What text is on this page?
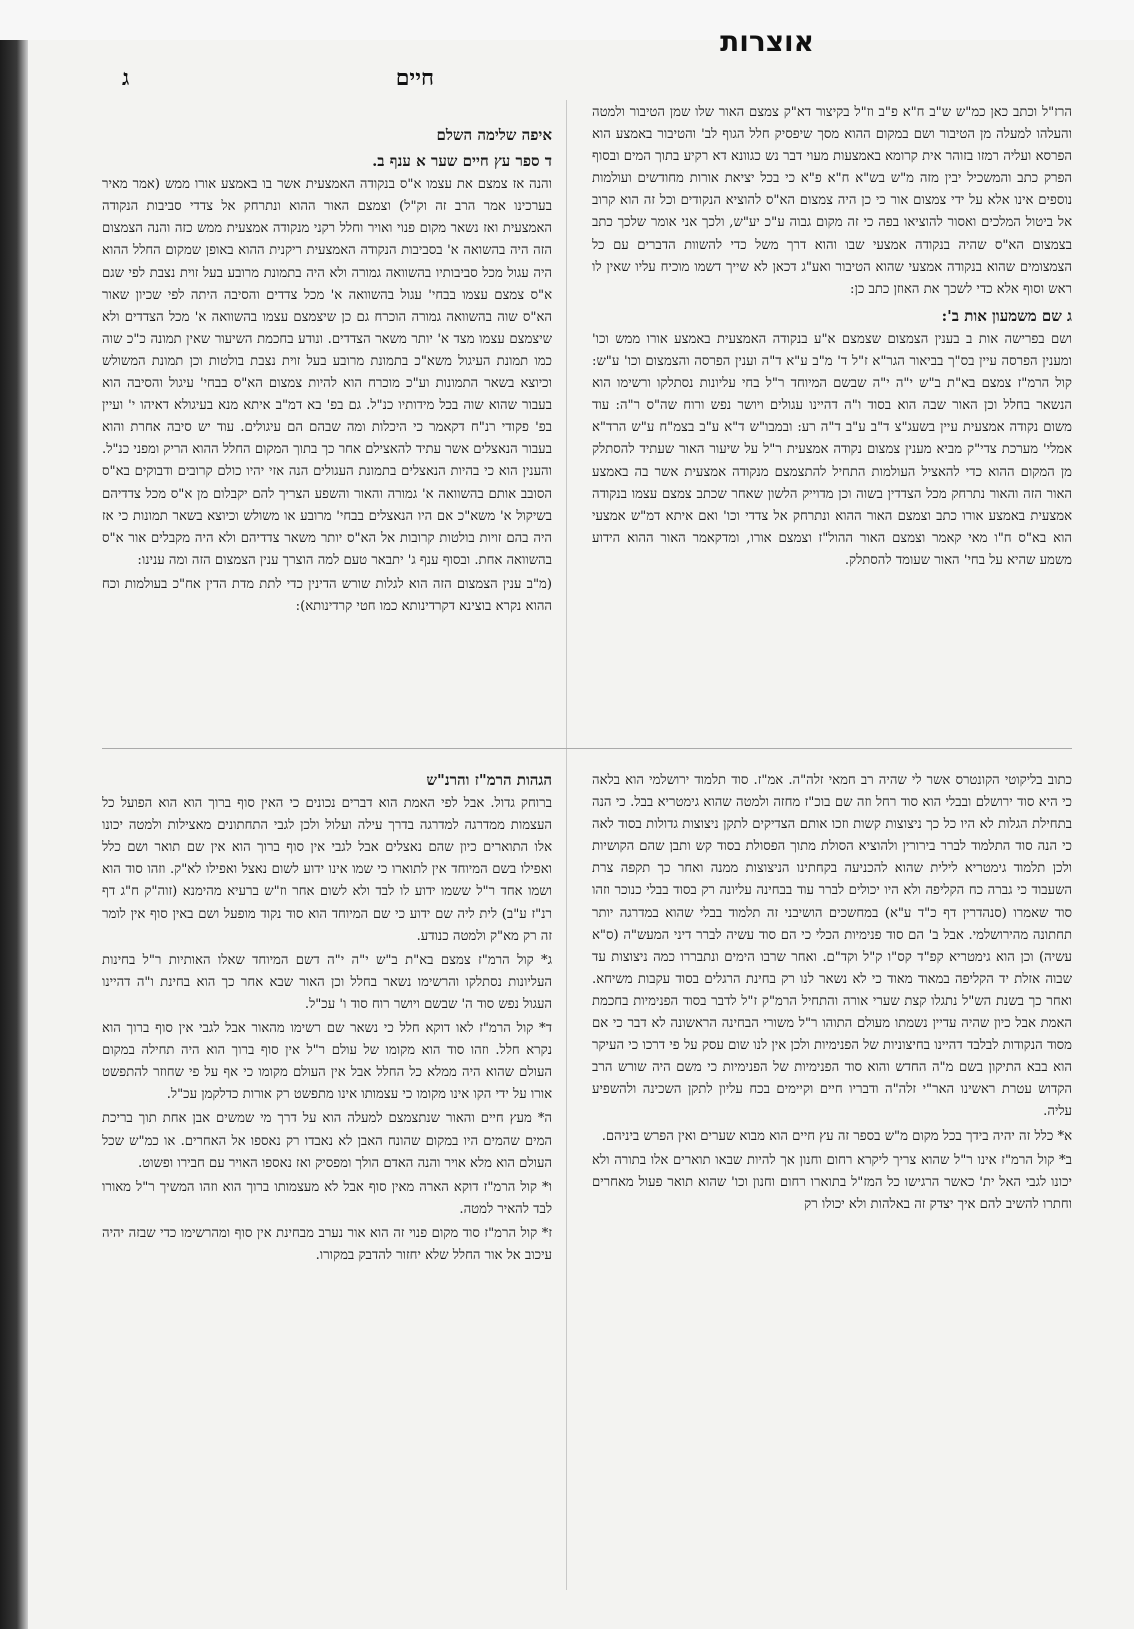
אוצרות
חיים
ג

הרז"ל וכתב כאן כמ"ש ש"ב ח"א פ"ב וז"ל בקיצור דא"ק צמצם האור שלו שמן הטיבור ולמטה והעלהו למעלה מן הטיבור ושם במקום ההוא מסך שיפסיק חלל הגוף לב' והטיבור באמצע הוא הפרסא ועליה רמזו בזוהר אית קרומא באמצעות מעוי דבר נש כגוונא דא רקיע בתוך המים ובסוף הפרק כתב והמשכיל יבין מזה מ"ש בש"א ח"א פ"א כי בכל יציאת אורות מחודשים ועולמות נוספים אינו אלא על ידי צמצום אור כי כן היה צמצום הא"ס להוציא הנקודים וכל זה הוא קרוב אל ביטול המלכים ואסור להוציאו בפה כי זה מקום גבוה ע"כ יע"ש, ולכך אני אומר שלכך כתב בצמצום הא"ס שהיה בנקודה אמצעי שבו והוא דרך משל כדי להשוות הדברים עם כל הצמצומים שהוא בנקודה אמצעי שהוא הטיבור ואע"ג דכאן לא שייך דשמו מוכיח עליו שאין לו ראש וסוף אלא כדי לשכך את האוזן כתב כן:

ג שם משמעון אות ב':

ושם בפרישה אות ב בענין הצמצום שצמצם א"ע בנקודה האמצעית באמצע אורו ממש וכו' ומענין הפרסה עיין בס"ך בביאור הגר"א ז"ל ד' מ"ב ע"א ד"ה וענין הפרסה והצמצום וכו' ע"ש: קול הרמ"ז צמצם בא"ת ב"ש י"ה י"ה שבשם המיוחד ר"ל בחי עליונות נסתלקו ורשימו הוא הנשאר בחלל וכן האור שבה הוא בסוד ו"ה דהיינו עגולים ויושר נפש ורוח שה"ס ר"ה: עוד משום נקודה אמצעית עיין בשעג"צ ד"ב ע"ב ד"ה רע: ובמבו"ש ד"א ע"ב בצמ"ח ע"ש הרד"א אמלי' מערכת צדי"ק מביא מענין צמצום נקודה אמצעית ר"ל על שיעור האור שעתיד להסתלק מן המקום ההוא כדי להאציל העולמות התחיל להתצמצם מנקודה אמצעית אשר בה באמצע האור הזה והאור נתרחק מכל הצדדין בשוה וכן מדוייק הלשון שאחר שכתב צמצם עצמו בנקודה אמצעית באמצע אורו כתב וצמצם האור ההוא ונתרחק אל צדדי וכו' ואם איתא דמ"ש אמצעי הוא בא"ס ח"ו מאי קאמר וצמצם האור ההול"ז וצמצם אורו, ומדקאמר האור ההוא הידוע משמע שהיא על בחי' האור שעומד להסתלק.

איפה שלימה השלם
ד ספר עץ חיים שער א ענף ב.

והנה אז צמצם את עצמו א"ס בנקודה האמצעית אשר בו באמצע אורו ממש (אמר מאיר בערכינו אמר הרב זה וק"ל) וצמצם האור ההוא ונתרחק אל צדדי סביבות הנקודה האמצעית ואז נשאר מקום פנוי ואויר וחלל רקני מנקודה אמצעית ממש כזה והנה הצמצום הזה היה בהשואה א' בסביבות הנקודה האמצעית ריקנית ההוא באופן שמקום החלל ההוא היה עגול מכל סביבותיו בהשוואה גמורה ולא היה בתמונת מרובע בעל זוית נצבת לפי שגם א"ס צמצם עצמו בבחי' עגול בהשוואה א' מכל צדדים והסיבה היתה לפי שכיון שאור הא"ס שוה בהשוואה גמורה הוכרח גם כן שיצמצם עצמו בהשוואה א' מכל הצדדים ולא שיצמצם עצמו מצד א' יותר משאר הצדדים. ונודע בחכמת השיעור שאין תמונה כ"כ שוה כמו תמונת העיגול משא"כ בתמונת מרובע בעל זוית נצבת בולטות וכן תמונת המשולש וכיוצא בשאר התמונות וע"כ מוכרח הוא להיות צמצום הא"ס בבחי' עיגול והסיבה הוא בעבור שהוא שוה בכל מידותיו כנ"ל. גם בפ' בא דמ"ב איתא מנא בעיגולא דאיהו י' ועיין בפ' פקודי רנ"ח דקאמר כי היכלות ומה שבהם הם עיגולים. עוד יש סיבה אחרת והוא בעבור הנאצלים אשר עתיד להאצילם אחר כך בתוך המקום החלל ההוא הריק ומפני כנ"ל. והענין הוא כי בהיות הנאצלים בתמונת העגולים הנה אזי יהיו כולם קרובים ודבוקים בא"ס הסובב אותם בהשוואה א' גמורה והאור והשפע הצריך להם יקבלום מן א"ס מכל צדדיהם בשיקול א' משא"כ אם היו הנאצלים בבחי' מרובע או משולש וכיוצא בשאר תמונות כי אז היה בהם זויות בולטות קרובות אל הא"ס יותר משאר צדדיהם ולא היה מקבלים אור א"ס בהשוואה אחת. ובסוף ענף ג' יתבאר טעם למה הוצרך ענין הצמצום הזה ומה ענינו:

(מ"ב ענין הצמצום הזה הוא לגלות שורש הדינין כדי לתת מדת הדין אח"כ בעולמות וכח ההוא נקרא בוצינא דקרדינותא כמו חטי קרדינותא):

הגהות הרמ"ז והרנ"ש

ברוחק גדול. אבל לפי האמת הוא דברים נכונים כי האין סוף ברוך הוא הוא הפועל כל העצמות ממדרגה למדרגה בדרך עילה ועלול ולכן לגבי התחתונים מאצילות ולמטה יכונו אלו התוארים כיון שהם נאצלים אבל לגבי אין סוף ברוך הוא אין שם תואר ושם כלל ואפילו בשם המיוחד אין לתוארו כי שמו אינו ידוע לשום נאצל ואפילו לא"ק. וזהו סוד הוא ושמו אחד ר"ל ששמו ידוע לו לבד ולא לשום אחר וז"ש ברעיא מהימנא (זוה"ק ח"ג דף רנ"ז ע"ב) לית ליה שם ידוע כי שם המיוחד הוא סוד נקוד מופעל ושם באין סוף אין לומר זה רק מא"ק ולמטה כנודע.

ג* קול הרמ"ז צמצם בא"ת ב"ש י"ה י"ה דשם המיוחד שאלו האותיות ר"ל בחינות העליונות נסתלקו והרשימו נשאר בחלל וכן האור שבא אחר כך הוא בחינת ו"ה דהיינו העגול נפש סוד ה' שבשם ויושר רוח סוד ו' עכ"ל.

ד* קול הרמ"ז לאו דוקא חלל כי נשאר שם רשימו מהאור אבל לגבי אין סוף ברוך הוא נקרא חלל. וזהו סוד הוא מקומו של עולם ר"ל אין סוף ברוך הוא היה תחילה במקום העולם שהוא היה ממלא כל החלל אבל אין העולם מקומו כי אף על פי שחוזר להתפשט אורו על ידי הקו אינו מקומו כי עצמותו אינו מתפשט רק אורות כדלקמן עכ"ל.

ה* מעץ חיים והאור שנתצמצם למעלה הוא על דרך מי שמשים אבן אחת תוך בריכת המים שהמים היו במקום שהונח האבן לא נאבדו רק נאספו אל האחרים. או כמ"ש שכל העולם הוא מלא אויר והנה האדם הולך ומפסיק ואז נאספו האויר עם חבירו ופשוט.

ו* קול הרמ"ז דוקא הארה מאין סוף אבל לא מעצמותו ברוך הוא וזהו המשיך ר"ל מאורו לבד להאיר למטה.

ז* קול הרמ"ז סוד מקום פנוי זה הוא אור נערב מבחינת אין סוף ומהרשימו כדי שבזה יהיה עיכוב אל אור החלל שלא יחזור להדבק במקורו.

כתוב בליקוטי הקונטרס אשר לי שהיה רב חמאי זלה"ה. אמ"ז. סוד תלמוד ירושלמי הוא בלאה כי היא סוד ירושלם ובבלי הוא סוד רחל וזה שם בוכ"ז מחזה ולמטה שהוא גימטריא בבל. כי הנה בתחילת הגלות לא היו כל כך ניצוצות קשות וזכו אותם הצדיקים לתקן ניצוצות גדולות בסוד לאה כי הנה סוד התלמוד לברר בירורין ולהוציא הסולת מתוך הפסולת בסוד קש ותבן שהם הקושיות ולכן תלמוד גימטריא לילית שהוא להכניעה בקחתינו הניצוצות ממנה ואחר כך תקפה צרת השעבוד כי גברה כח הקליפה ולא היו יכולים לברר עוד בבחינה עליונה רק בסוד בבלי כנוכר וזהו סוד שאמרו (סנהדרין דף כ"ד ע"א) במחשכים הושיבני זה תלמוד בבלי שהוא במדרגה יותר תחתונה מהירושלמי. אבל ב' הם סוד פנימיות הכלי כי הם סוד עשיה לברר דיני המעש"ה (ס"א עשיה) וכן הוא גימטריא קפ"ד קס"ו ק"ל וקד"ם. ואחר שרבו הימים ונתבררו כמה ניצוצות עד שבוה אזלת יד הקליפה במאוד מאוד כי לא נשאר לנו רק בחינת הרגלים בסוד עקבות משיחא. ואחר כך בשנת הש"ל נתגלו קצת שערי אורה והתחיל הרמ"ק ז"ל לדבר בסוד הפנימיות בחכמת האמת אבל כיון שהיה עדיין נשמתו מעולם התוהו ר"ל משורי הבחינה הראשונה לא דבר כי אם מסוד הנקודות לבלבד דהיינו בחיצוניות של הפנימיות ולכן אין לנו שום עסק על פי דרכו כי העיקר הוא בבא התיקון בשם מ"ה החדש והוא סוד הפנימיות של הפנימיות כי משם היה שורש הרב הקדוש עטרת ראשינו האר"י זלה"ה ודבריו חיים וקיימים בכח עליון לתקן השכינה ולהשפיע עליה.

א* כלל זה יהיה בידך בכל מקום מ"ש בספר זה עץ חיים הוא מבוא שערים ואין הפרש ביניהם.

ב* קול הרמ"ז אינו ר"ל שהוא צריך ליקרא רחום וחנון אך להיות שבאו תוארים אלו בתורה ולא יכונו לגבי האל ית' כאשר הרגישו כל המז"ל בתוארו רחום וחנון וכו' שהוא תואר פעול מאחרים וחתרו להשיב להם איך יצדק זה באלהות ולא יכולו רק
